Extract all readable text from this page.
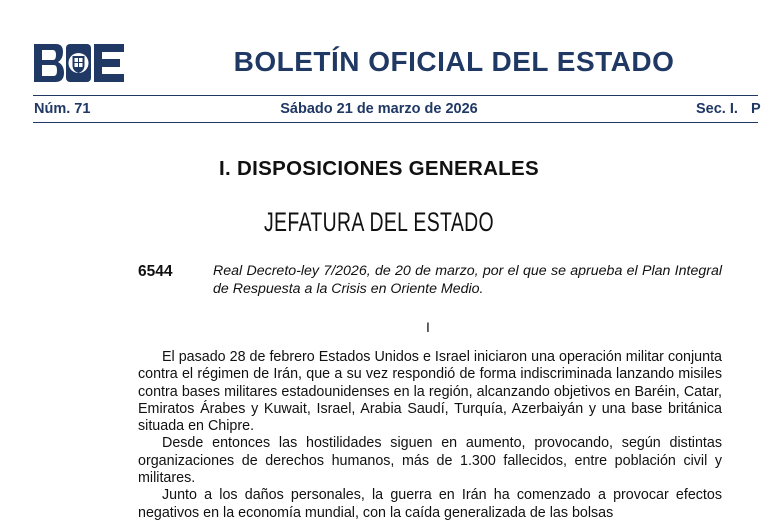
BOLETÍN OFICIAL DEL ESTADO
Núm. 71	Sábado 21 de marzo de 2026	Sec. I. P
I. DISPOSICIONES GENERALES
JEFATURA DEL ESTADO
6544	Real Decreto-ley 7/2026, de 20 de marzo, por el que se aprueba el Plan Integral de Respuesta a la Crisis en Oriente Medio.
I

El pasado 28 de febrero Estados Unidos e Israel iniciaron una operación militar conjunta contra el régimen de Irán, que a su vez respondió de forma indiscriminada lanzando misiles contra bases militares estadounidenses en la región, alcanzando objetivos en Baréin, Catar, Emiratos Árabes y Kuwait, Israel, Arabia Saudí, Turquía, Azerbaiyán y una base británica situada en Chipre.

Desde entonces las hostilidades siguen en aumento, provocando, según distintas organizaciones de derechos humanos, más de 1.300 fallecidos, entre población civil y militares.

Junto a los daños personales, la guerra en Irán ha comenzado a provocar efectos negativos en la economía mundial, con la caída generalizada de las bolsas
